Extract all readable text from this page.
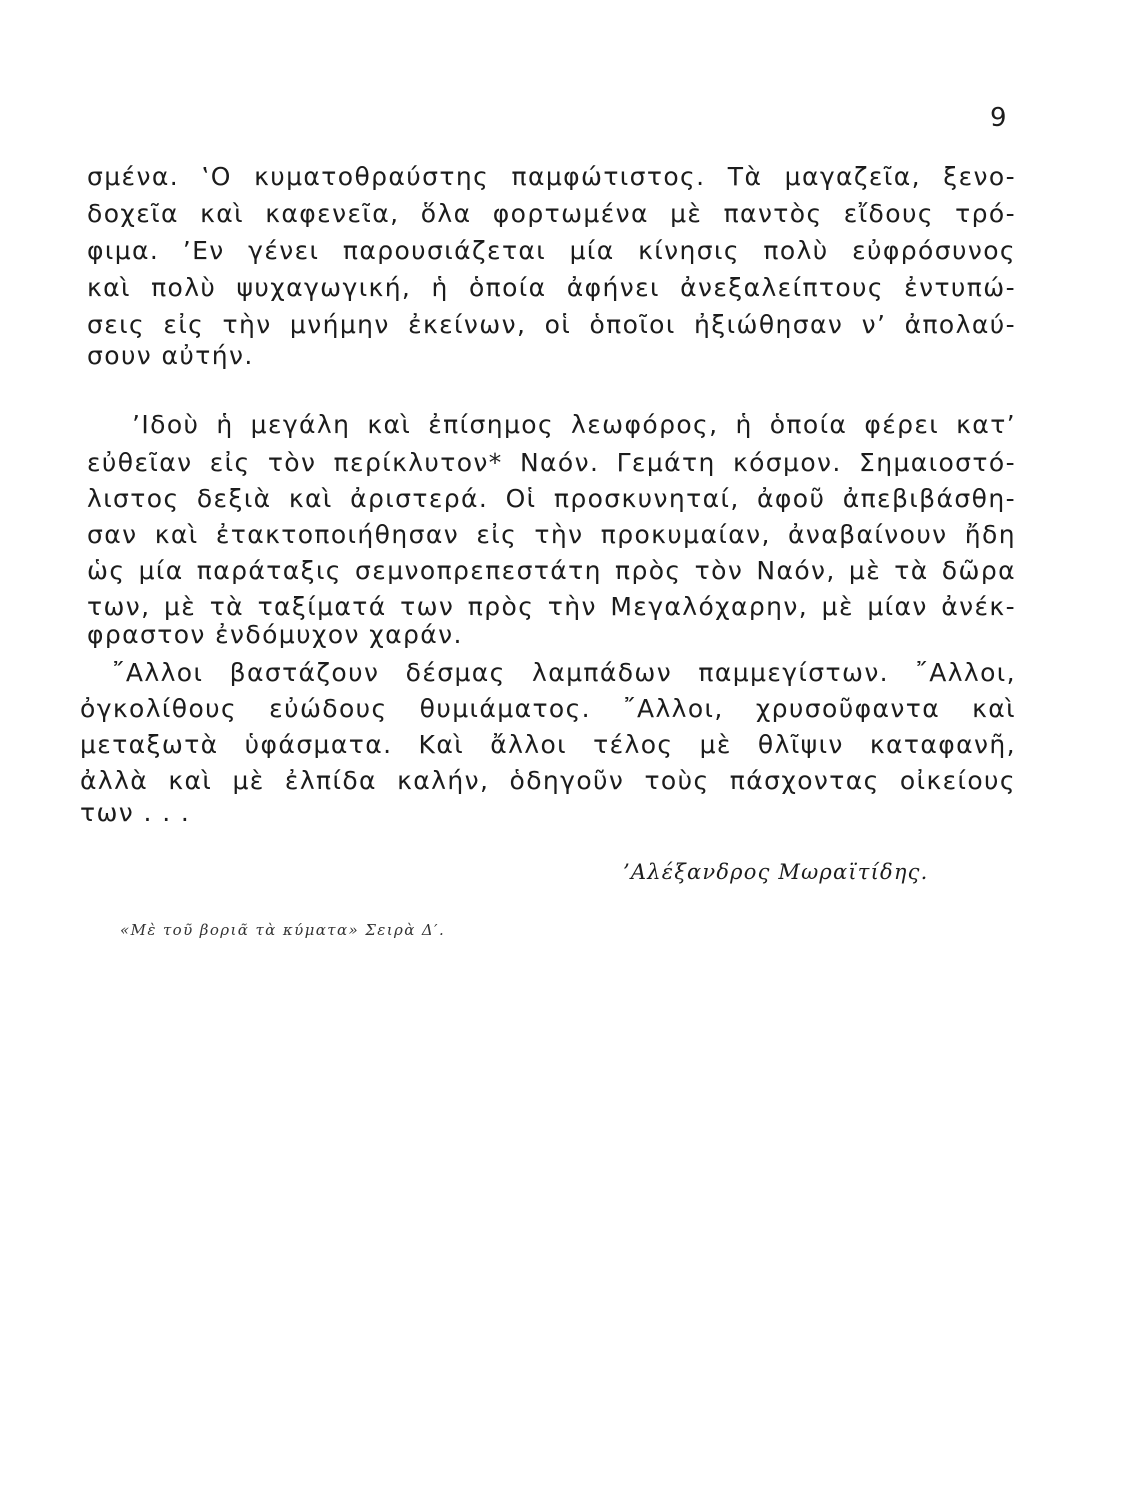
9
σμένα. ‛Ο κυματοθραύστης παμφώτιστος. Τὰ μαγαζεῖα, ξενο-
δοχεῖα καὶ καφενεῖα, ὅλα φορτωμένα μὲ παντὸς εἴδους τρό-
φιμα. ’Εν γένει παρουσιάζεται μία κίνησις πολὺ εὐφρόσυνος
καὶ πολὺ ψυχαγωγική, ἡ ὁποία ἀφήνει ἀνεξαλείπτους ἐντυπώ-
σεις εἰς τὴν μνήμην ἐκείνων, οἱ ὁποῖοι ἠξιώθησαν ν’ ἀπολαύ-
σουν αὐτήν.
’Ιδοὺ ἡ μεγάλη καὶ ἐπίσημος λεωφόρος, ἡ ὁποία φέρει κατ’
εὐθεῖαν εἰς τὸν περίκλυτον* Ναόν. Γεμάτη κόσμον. Σημαιοστό-
λιστος δεξιὰ καὶ ἀριστερά. Οἱ προσκυνηταί, ἀφοῦ ἀπεβιβάσθη-
σαν καὶ ἐτακτοποιήθησαν εἰς τὴν προκυμαίαν, ἀναβαίνουν ἤδη
ὡς μία παράταξις σεμνοπρεπεστάτη πρὸς τὸν Ναόν, μὲ τὰ δῶρα
των, μὲ τὰ ταξίματά των πρὸς τὴν Μεγαλόχαρην, μὲ μίαν ἀνέκ-
φραστον ἐνδόμυχον χαράν.
῎Αλλοι βαστάζουν δέσμας λαμπάδων παμμεγίστων. ῎Αλλοι,
ὀγκολίθους εὐώδους θυμιάματος. ῎Αλλοι, χρυσοῦφαντα καὶ
μεταξωτὰ ὑφάσματα. Καὶ ἄλλοι τέλος μὲ θλῖψιν καταφανῆ,
ἀλλὰ καὶ μὲ ἐλπίδα καλήν, ὁδηγοῦν τοὺς πάσχοντας οἰκείους
των . . .
’Αλέξανδρος Μωραϊτίδης.
«Μὲ τοῦ βοριᾶ τὰ κύματα» Σειρὰ Δ′.
